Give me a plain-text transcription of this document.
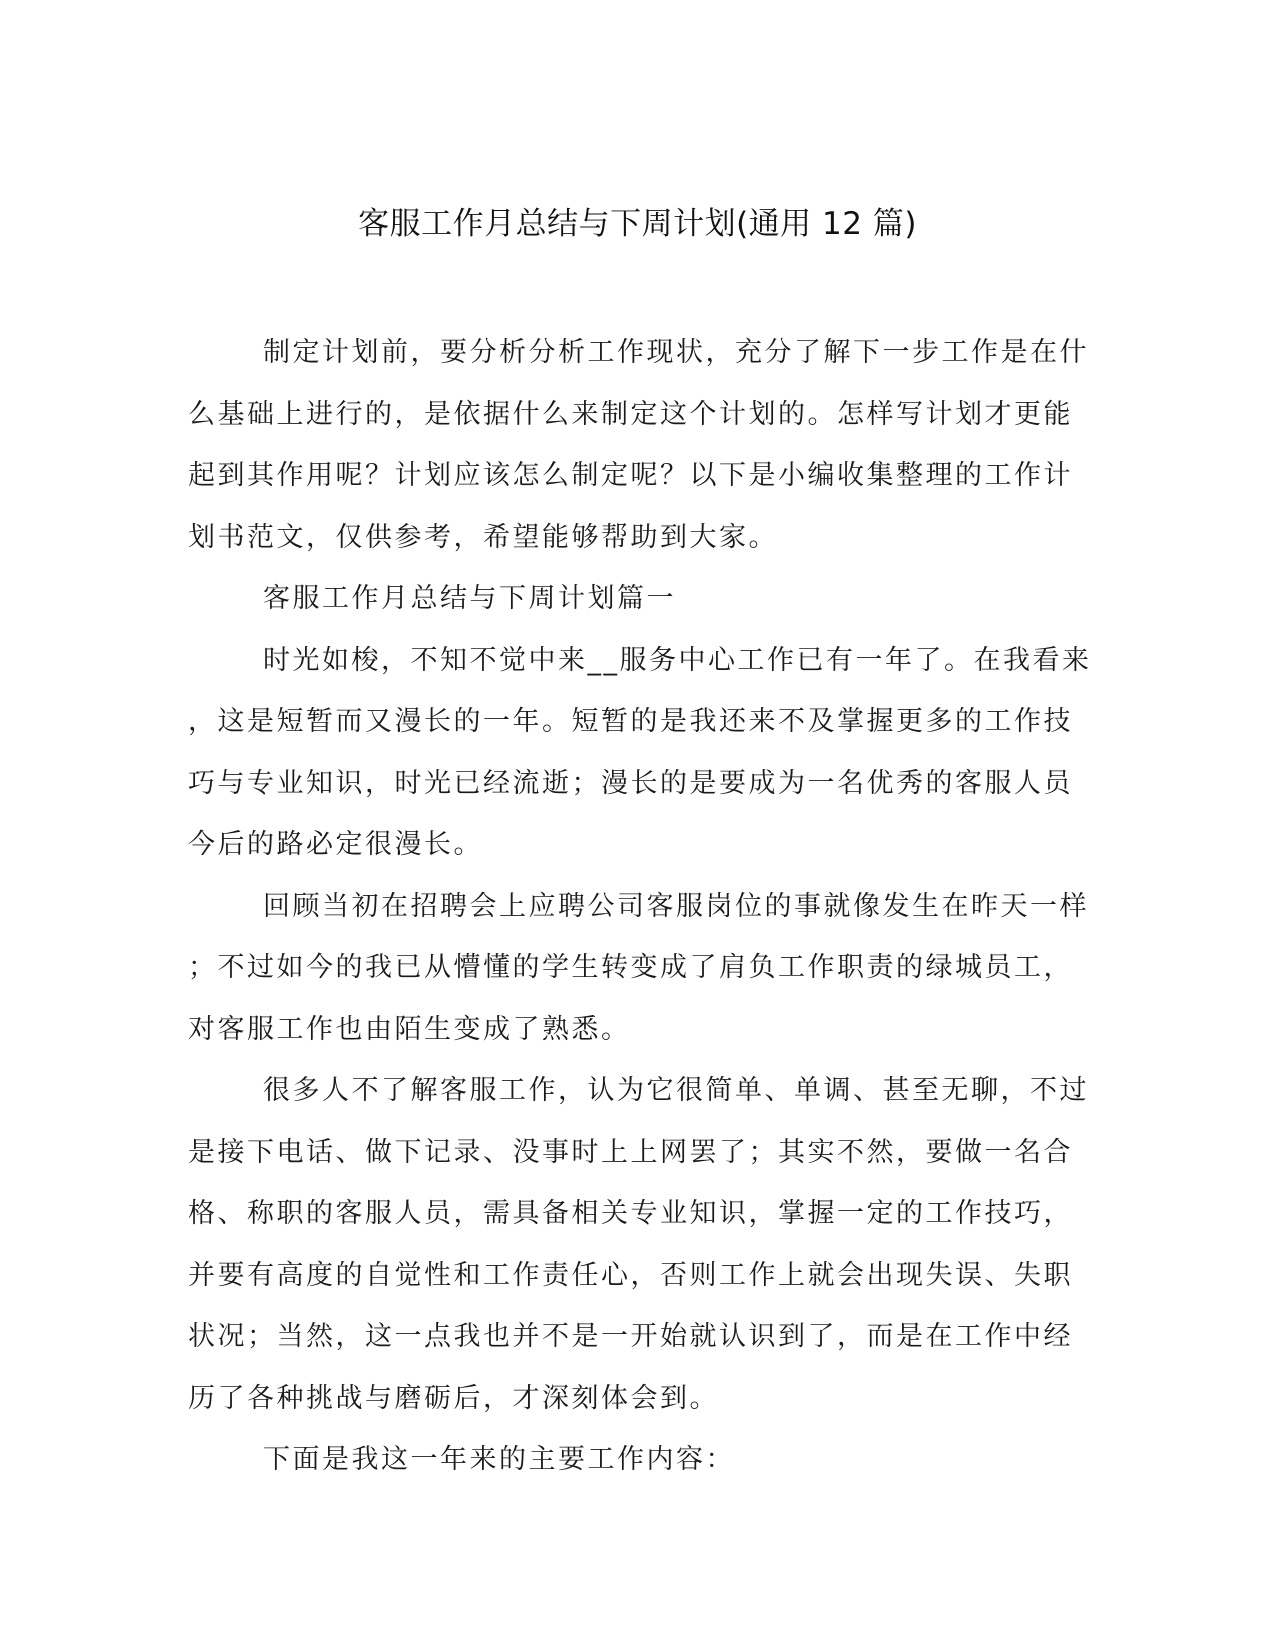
客服工作月总结与下周计划(通用 12 篇)
制定计划前，要分析分析工作现状，充分了解下一步工作是在什
么基础上进行的，是依据什么来制定这个计划的。怎样写计划才更能
起到其作用呢？计划应该怎么制定呢？以下是小编收集整理的工作计
划书范文，仅供参考，希望能够帮助到大家。
客服工作月总结与下周计划篇一
时光如梭，不知不觉中来__服务中心工作已有一年了。在我看来
，这是短暂而又漫长的一年。短暂的是我还来不及掌握更多的工作技
巧与专业知识，时光已经流逝；漫长的是要成为一名优秀的客服人员
今后的路必定很漫长。
回顾当初在招聘会上应聘公司客服岗位的事就像发生在昨天一样
；不过如今的我已从懵懂的学生转变成了肩负工作职责的绿城员工，
对客服工作也由陌生变成了熟悉。
很多人不了解客服工作，认为它很简单、单调、甚至无聊，不过
是接下电话、做下记录、没事时上上网罢了；其实不然，要做一名合
格、称职的客服人员，需具备相关专业知识，掌握一定的工作技巧，
并要有高度的自觉性和工作责任心，否则工作上就会出现失误、失职
状况；当然，这一点我也并不是一开始就认识到了，而是在工作中经
历了各种挑战与磨砺后，才深刻体会到。
下面是我这一年来的主要工作内容：
